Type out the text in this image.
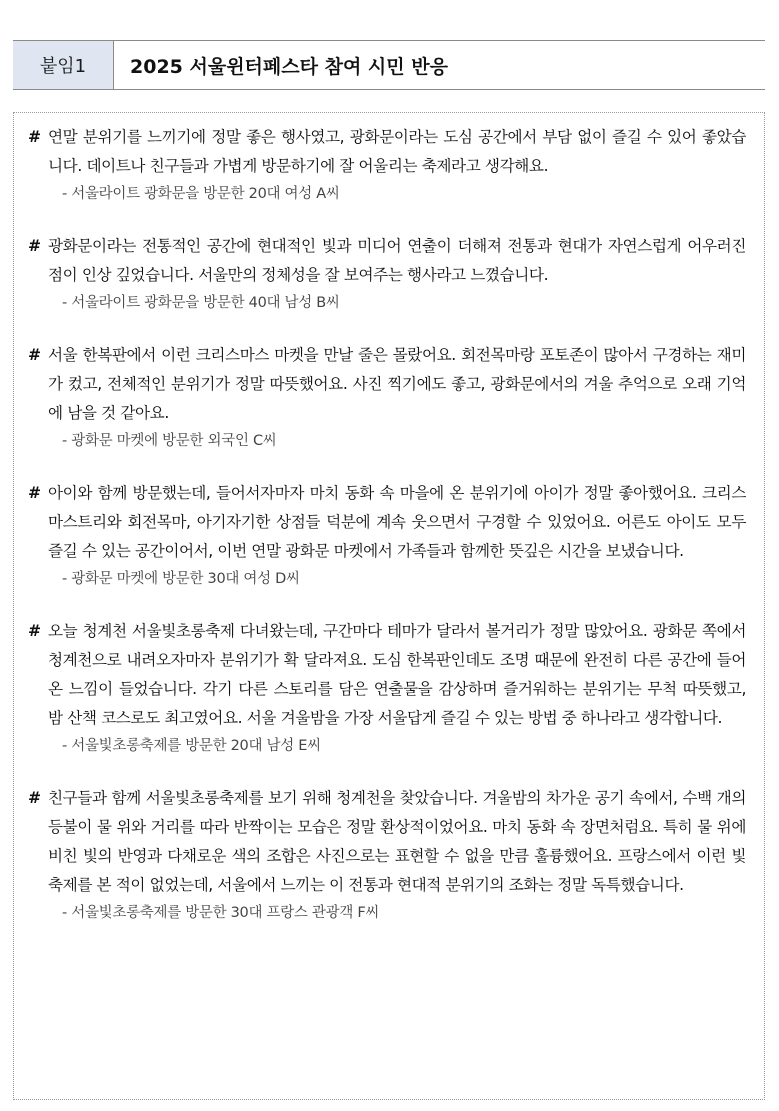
붙임1	2025 서울윈터페스타 참여 시민 반응
# 연말 분위기를 느끼기에 정말 좋은 행사였고, 광화문이라는 도심 공간에서 부담 없이 즐길 수 있어 좋았습니다. 데이트나 친구들과 가볍게 방문하기에 잘 어울리는 축제라고 생각해요.
- 서울라이트 광화문을 방문한 20대 여성 A씨
# 광화문이라는 전통적인 공간에 현대적인 빛과 미디어 연출이 더해져 전통과 현대가 자연스럽게 어우러진 점이 인상 깊었습니다. 서울만의 정체성을 잘 보여주는 행사라고 느꼈습니다.
- 서울라이트 광화문을 방문한 40대 남성 B씨
# 서울 한복판에서 이런 크리스마스 마켓을 만날 줄은 몰랐어요. 회전목마랑 포토존이 많아서 구경하는 재미가 컸고, 전체적인 분위기가 정말 따뜻했어요. 사진 찍기에도 좋고, 광화문에서의 겨울 추억으로 오래 기억에 남을 것 같아요.
- 광화문 마켓에 방문한 외국인 C씨
# 아이와 함께 방문했는데, 들어서자마자 마치 동화 속 마을에 온 분위기에 아이가 정말 좋아했어요. 크리스마스트리와 회전목마, 아기자기한 상점들 덕분에 계속 웃으면서 구경할 수 있었어요. 어른도 아이도 모두 즐길 수 있는 공간이어서, 이번 연말 광화문 마켓에서 가족들과 함께한 뜻깊은 시간을 보냈습니다.
- 광화문 마켓에 방문한 30대 여성 D씨
# 오늘 청계천 서울빛초롱축제 다녀왔는데, 구간마다 테마가 달라서 볼거리가 정말 많았어요. 광화문 쪽에서 청계천으로 내려오자마자 분위기가 확 달라져요. 도심 한복판인데도 조명 때문에 완전히 다른 공간에 들어온 느낌이 들었습니다. 각기 다른 스토리를 담은 연출물을 감상하며 즐거워하는 분위기는 무척 따뜻했고, 밤 산책 코스로도 최고였어요. 서울 겨울밤을 가장 서울답게 즐길 수 있는 방법 중 하나라고 생각합니다.
- 서울빛초롱축제를 방문한 20대 남성 E씨
# 친구들과 함께 서울빛초롱축제를 보기 위해 청계천을 찾았습니다. 겨울밤의 차가운 공기 속에서, 수백 개의 등불이 물 위와 거리를 따라 반짝이는 모습은 정말 환상적이었어요. 마치 동화 속 장면처럼요. 특히 물 위에 비친 빛의 반영과 다채로운 색의 조합은 사진으로는 표현할 수 없을 만큼 훌륭했어요. 프랑스에서 이런 빛 축제를 본 적이 없었는데, 서울에서 느끼는 이 전통과 현대적 분위기의 조화는 정말 독특했습니다.
- 서울빛초롱축제를 방문한 30대 프랑스 관광객 F씨
